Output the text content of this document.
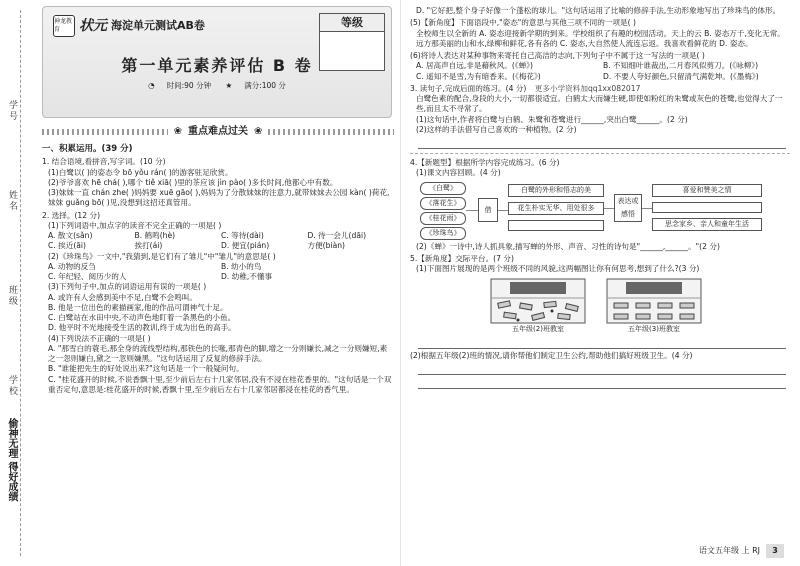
学号
姓名
班级
学校
偷神无理 得好成绩
神龙教育	状元 海淀单元测试AB卷	等级
第一单元素养评估 B 卷
◔ 时间:90 分钟 ★ 满分:100 分
❀ 重点难点过关 ❀
一、积累运用。(39 分)
1. 结合语境,看拼音,写字词。(10 分)
(1)白鹭以( )的姿态令 bō yǒu rán( )的游客驻足欣赏。
(2)爷爷喜欢 hē chá( ),哪个 tiě xiā( )里的茶应该 jìn pào( )多长时间,他都心中有数。
(3)妹妹一直 chán zhe( )妈妈要 xuē gāo( ),妈妈为了分散妹妹的注意力,就带妹妹去公园 kàn( )荷花,妹妹 guǎng bō( )见,没想到这招还真管用。
2. 选择。(12 分)
(1)下列词语中,加点字的读音不完全正确的一项是( )
A. 散文(sǎn)	B. 鹤鸣(hè)	C. 等待(dài)	D. 待一会儿(dāi)
C. 挨近(āi)	挨打(ái)	D. 便宜(pián)	方便(biàn)
(2)《珍珠鸟》一文中,"我猜到,是它们有了雏儿"中"雏儿"的意思是( )
A. 动物的反刍	B. 幼小的鸟
C. 年纪轻、阅历少的人	D. 幼稚,不懂事
(3)下列句子中,加点的词语运用有误的一项是( )
A. 或许有人会感到美中不足,白鹭不会鸣叫。
B. 他是一位出色的素描画家,他的作品可谓神气十足。
C. 白鹭站在水田中央,不动声色地盯着一条黑色的小鱼。
D. 他平时不光地接受生活的教训,终于成为出色的高手。
(4)下列说法不正确的一项是( )
A. "那雪白的蓑毛,那全身的流线型结构,那铁色的长喙,那青色的脚,增之一分则嫌长,减之一分则嫌短,素之一忽则嫌白,黛之一忽则嫌黑。"这句话运用了反复的修辞手法。
B. "谁能把先生的好处说出来?"这句话是一个一般疑问句。
C. "桂花盛开的时候,不说香飘十里,至少前后左右十几家邻居,没有不浸在桂花香里的。"这句话是一个双重否定句,意思是:桂花盛开的时候,香飘十里,至少前后左右十几家邻居都浸在桂花的香气里。
D. "它好把,整个身子好像一个蓬松的球儿。"这句话运用了比喻的修辞手法,生动形象地写出了珍珠鸟的体形。
(5)【新角度】下面语段中,"姿态"的意思与其他三项不同的一项是( )
全校师生以全新的 A. 姿态迎接新学期的到来。学校组织了有趣的校园活动。天上的云 B. 姿态万千,变化无常。远方那美丽的山和水,绿柳和鲜花,各有各的 C. 姿态,大自然使人流连忘返。我喜欢看鲜花的 D. 姿态。
(6)将诗人表达对某种事物来寄托自己高洁的志向,下列句子中不属于这一写法的一项是( )
A. 居高声自远,非是藉秋风。(《蝉》)	B. 不知细叶谁裁出,二月春风似剪刀。(《咏柳》)
C. 遥知不是雪,为有暗香来。(《梅花》)	D. 不要人夸好颜色,只留清气满乾坤。(《墨梅》)
3. 读句子,完成后面的练习。(4 分) 更多小学资料加qq1xx082017
白鹭色素的配合,身段的大小,一切都很适宜。白鹤太大而嫌生硬,即使如粉红的朱鹭或灰色的苍鹭,也觉得大了一些,而且太不寻常了。
(1)这句话中,作者将白鹭与白鹤、朱鹭和苍鹭进行______,突出白鹭______。(2 分)
(2)这样的手法借写自己喜欢的一种植物。(2 分)
4.【新题型】根据所学内容完成练习。(6 分)
(1)课文内容回顾。(4 分)
《白鹭》
《落花生》
《桂花雨》
《珍珠鸟》
借
白鹭的外形和悟志的美
花生朴实无华、用处很多
表达或感悟
喜爱和赞美之情
思念家乡、亲人和童年生活
(2)《蝉》一诗中,诗人抓具象,描写蝉的外形、声音、习性的诗句是"______,______。"(2 分)
5.【新角度】交际平台。(7 分)
(1)下面图片展现的是两个班级不同的风貌,这两幅图让你有何思考,想到了什么?(3 分)
五年级(2)班教室	五年级(3)班教室
(2)根据五年级(2)班的情况,请你帮他们制定卫生公约,帮助他们搞好班级卫生。(4 分)
语文五年级 上 RJ	3
